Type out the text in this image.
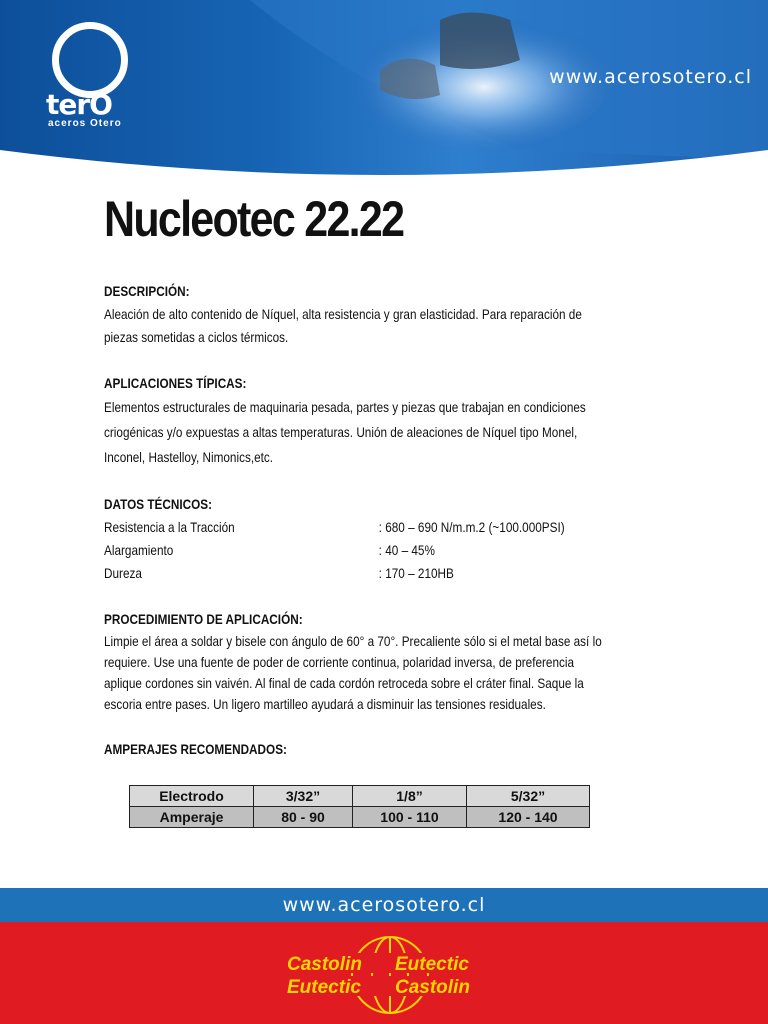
terO
aceros Otero
www.acerosotero.cl
Nucleotec 22.22
DESCRIPCIÓN:
Aleación de alto contenido de Níquel, alta resistencia y gran elasticidad. Para reparación de piezas sometidas a ciclos térmicos.
APLICACIONES TÍPICAS:
Elementos estructurales de maquinaria pesada, partes y piezas que trabajan en condiciones criogénicas y/o expuestas a altas temperaturas. Unión de aleaciones de Níquel tipo Monel, Inconel, Hastelloy, Nimonics,etc.
DATOS TÉCNICOS:
Resistencia a la Tracción	: 680 – 690 N/m.m.2 (~100.000PSI)
Alargamiento	: 40 – 45%
Dureza	: 170 – 210HB
PROCEDIMIENTO DE APLICACIÓN:
Limpie el área a soldar y bisele con ángulo de 60° a 70°. Precaliente sólo si el metal base así lo requiere. Use una fuente de poder de corriente continua, polaridad inversa, de preferencia aplique cordones sin vaivén. Al final de cada cordón retroceda sobre el cráter final. Saque la escoria entre pases. Un ligero martilleo ayudará a disminuir las tensiones residuales.
AMPERAJES RECOMENDADOS:
Electrodo	3/32”	1/8”	5/32”
Amperaje	80 - 90	100 - 110	120 - 140
www.acerosotero.cl
Castolin Eutectic
Eutectic Castolin
